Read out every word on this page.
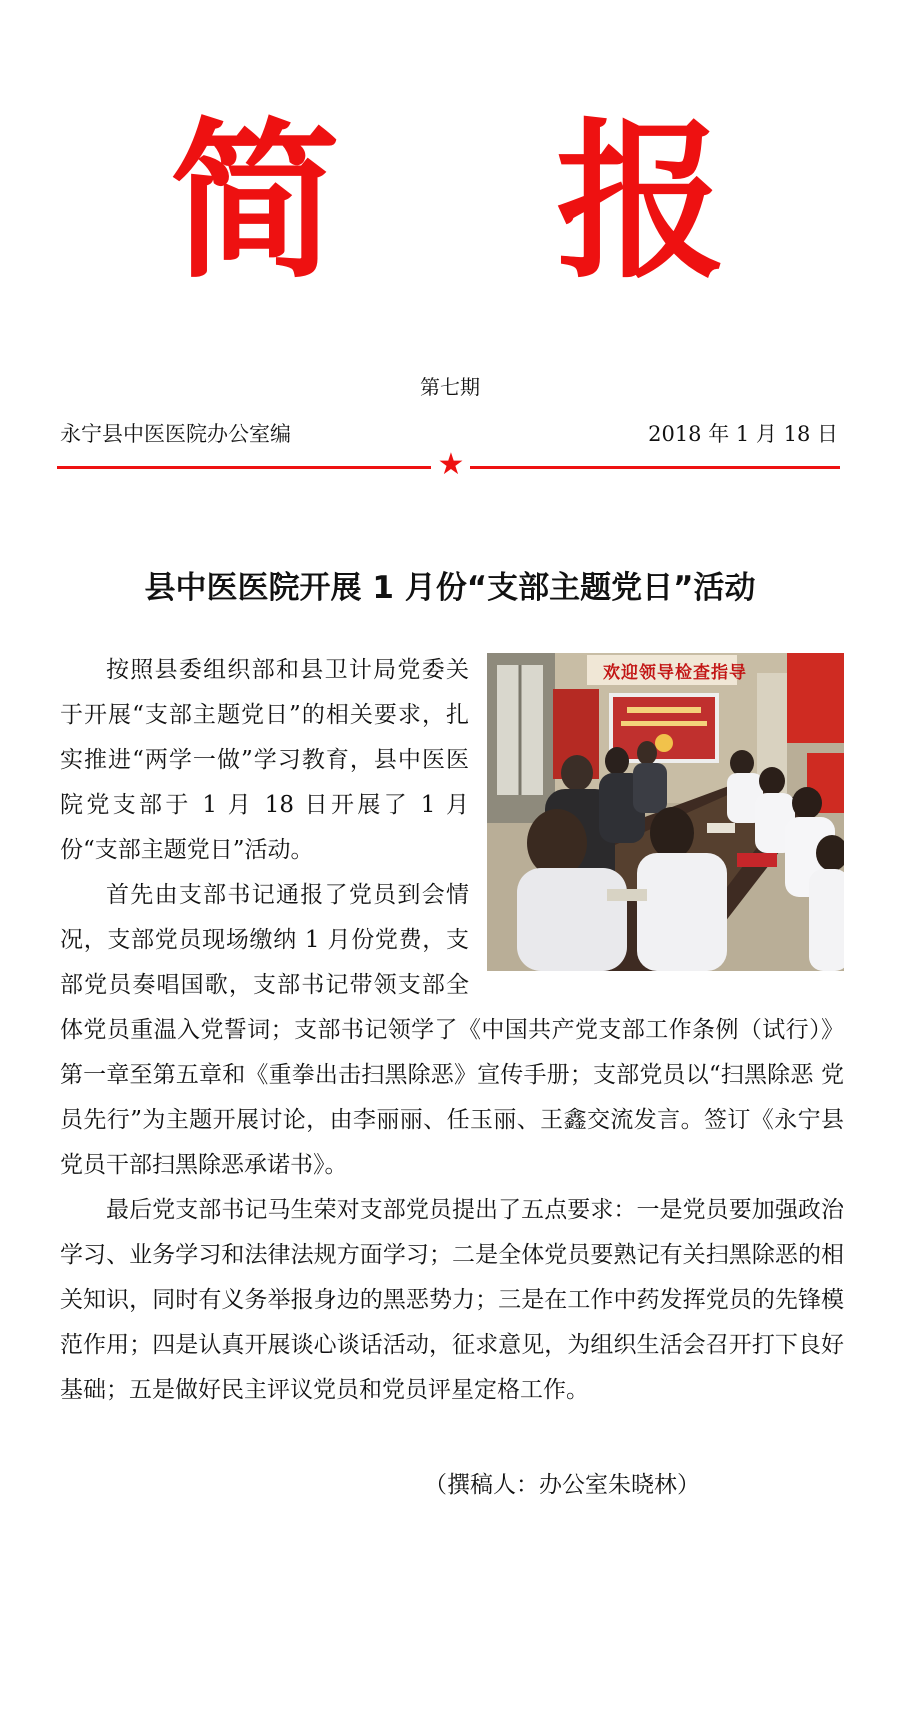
简 报
第七期
永宁县中医医院办公室编	2018 年 1 月 18 日
★
县中医医院开展 1 月份“支部主题党日”活动
欢迎领导检查指导

按照县委组织部和县卫计局党委关于开展“支部主题党日”的相关要求，扎实推进“两学一做”学习教育，县中医医院党支部于 1 月 18 日开展了 1 月份“支部主题党日”活动。

首先由支部书记通报了党员到会情况，支部党员现场缴纳 1 月份党费，支部党员奏唱国歌，支部书记带领支部全体党员重温入党誓词；支部书记领学了《中国共产党支部工作条例（试行）》第一章至第五章和《重拳出击扫黑除恶》宣传手册；支部党员以“扫黑除恶 党员先行”为主题开展讨论，由李丽丽、任玉丽、王鑫交流发言。签订《永宁县党员干部扫黑除恶承诺书》。

最后党支部书记马生荣对支部党员提出了五点要求：一是党员要加强政治学习、业务学习和法律法规方面学习；二是全体党员要熟记有关扫黑除恶的相关知识，同时有义务举报身边的黑恶势力；三是在工作中药发挥党员的先锋模范作用；四是认真开展谈心谈话活动，征求意见，为组织生活会召开打下良好基础；五是做好民主评议党员和党员评星定格工作。

（撰稿人：办公室朱晓林）
